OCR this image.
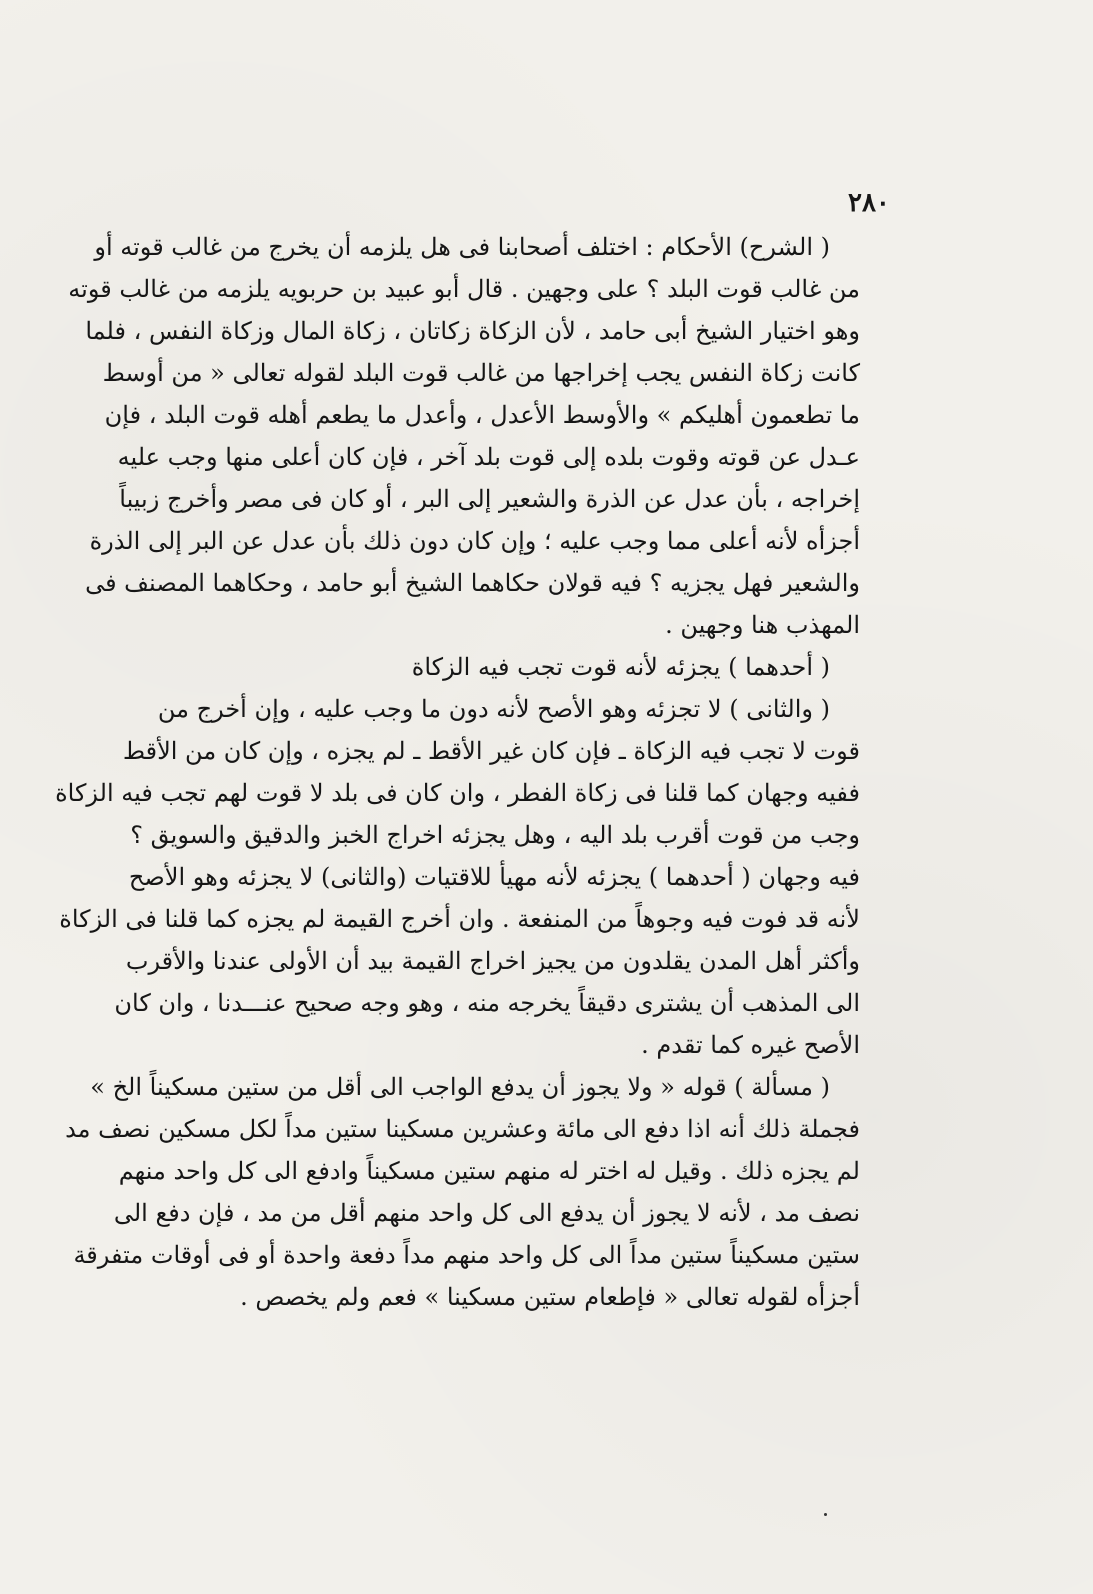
٢٨٠
( الشرح) الأحكام : اختلف أصحابنا فى هل يلزمه أن يخرج من غالب قوته أو
من غالب قوت البلد ؟ على وجهين . قال أبو عبيد بن حربويه يلزمه من غالب قوته
وهو اختيار الشيخ أبى حامد ، لأن الزكاة زكاتان ، زكاة المال وزكاة النفس ، فلما
كانت زكاة النفس يجب إخراجها من غالب قوت البلد لقوله تعالى « من أوسط
ما تطعمون أهليكم » والأوسط الأعدل ، وأعدل ما يطعم أهله قوت البلد ، فإن
عـدل عن قوته وقوت بلده إلى قوت بلد آخر ، فإن كان أعلى منها وجب عليه
إخراجه ، بأن عدل عن الذرة والشعير إلى البر ، أو كان فى مصر وأخرج زبيباً
أجزأه لأنه أعلى مما وجب عليه ؛ وإن كان دون ذلك بأن عدل عن البر إلى الذرة
والشعير فهل يجزيه ؟ فيه قولان حكاهما الشيخ أبو حامد ، وحكاهما المصنف فى
المهذب هنا وجهين .
( أحدهما ) يجزئه لأنه قوت تجب فيه الزكاة
( والثانى ) لا تجزئه وهو الأصح لأنه دون ما وجب عليه ، وإن أخرج من
قوت لا تجب فيه الزكاة ـ فإن كان غير الأقط ـ لم يجزه ، وإن كان من الأقط
ففيه وجهان كما قلنا فى زكاة الفطر ، وان كان فى بلد لا قوت لهم تجب فيه الزكاة
وجب من قوت أقرب بلد اليه ، وهل يجزئه اخراج الخبز والدقيق والسويق ؟
فيه وجهان ( أحدهما ) يجزئه لأنه مهيأ للاقتيات (والثانى) لا يجزئه وهو الأصح
لأنه قد فوت فيه وجوهاً من المنفعة . وان أخرج القيمة لم يجزه كما قلنا فى الزكاة
وأكثر أهل المدن يقلدون من يجيز اخراج القيمة بيد أن الأولى عندنا والأقرب
الى المذهب أن يشترى دقيقاً يخرجه منه ، وهو وجه صحيح عنـــدنا ، وان كان
الأصح غيره كما تقدم .
( مسألة ) قوله « ولا يجوز أن يدفع الواجب الى أقل من ستين مسكيناً الخ »
فجملة ذلك أنه اذا دفع الى مائة وعشرين مسكينا ستين مداً لكل مسكين نصف مد
لم يجزه ذلك . وقيل له اختر له منهم ستين مسكيناً وادفع الى كل واحد منهم
نصف مد ، لأنه لا يجوز أن يدفع الى كل واحد منهم أقل من مد ، فإن دفع الى
ستين مسكيناً ستين مداً الى كل واحد منهم مداً دفعة واحدة أو فى أوقات متفرقة
أجزأه لقوله تعالى « فإطعام ستين مسكينا » فعم ولم يخصص .
